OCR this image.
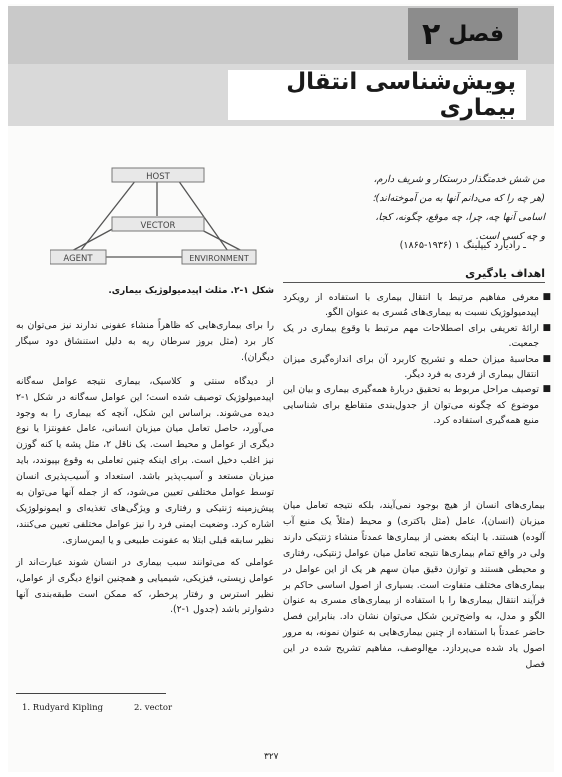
فصل
۲
پویش‌شناسی انتقال بیماری
HOST
VECTOR
AGENT	ENVIRONMENT
شکل ۱-۲. مثلث اپیدمیولوژیک بیماری.
من شش خدمتگذار درستکار و شریف دارم،
(هر چه را که می‌دانم آنها به من آموخته‌اند)؛
اسامی آنها چه، چرا، چه موقع، چگونه، کجا،
و چه کسی است.
ـ رادیارد کیپلینگ ۱ (۱۹۳۶-۱۸۶۵)
اهداف یادگیری
■
معرفی مفاهیم مرتبط با انتقال بیماری با استفاده از رویکرد اپیدمیولوژیک نسبت به بیماری‌های مُسری به عنوان الگو.
■
ارائهٔ تعریفی برای اصطلاحات مهم مرتبط با وقوع بیماری در یک جمعیت.
■
محاسبهٔ میزان حمله و تشریح کاربرد آن برای اندازه‌گیری میزان انتقال بیماری از فردی به فرد دیگر.
■
توصیف مراحل مربوط به تحقیق دربارهٔ همه‌گیری بیماری و بیان این موضوع که چگونه می‌توان از جدول‌بندی متقاطع برای شناسایی منبع همه‌گیری استفاده کرد.

را برای بیماری‌هایی که ظاهراً منشاء عفونی ندارند نیز می‌توان به کار برد (مثل بروز سرطان ریه به دلیل استنشاق دود سیگار دیگران).

از دیدگاه سنتی و کلاسیک، بیماری نتیجه عوامل سه‌گانه اپیدمیولوژیک توصیف شده است؛ این عوامل سه‌گانه در شکل ۱-۲ دیده می‌شوند. براساس این شکل، آنچه که بیماری را به وجود می‌آورد، حاصل تعامل میان میزبان انسانی، عامل عفونتزا یا نوع دیگری از عوامل و محیط است. یک ناقل ۲، مثل پشه یا کنه گوزن نیز اغلب دخیل است. برای اینکه چنین تعاملی به وقوع بپیوندد، باید میزبان مستعد و آسیب‌پذیر باشد. استعداد و آسیب‌پذیری انسان توسط عوامل مختلفی تعیین می‌شود، که از جمله آنها می‌توان به پیش‌زمینه ژنتیکی و رفتاری و ویژگی‌های تغذیه‌ای و ایمونولوژیک اشاره کرد. وضعیت ایمنی فرد را نیز عوامل مختلفی تعیین می‌کنند، نظیر سابقه قبلی ابتلا به عفونت طبیعی و یا ایمن‌سازی.

عواملی که می‌توانند سبب بیماری در انسان شوند عبارت‌اند از عوامل زیستی، فیزیکی، شیمیایی و همچنین انواع دیگری از عوامل، نظیر استرس و رفتار پرخطر، که ممکن است طبقه‌بندی آنها دشوارتر باشد (جدول ۱-۲).

بیماری‌های انسان از هیچ بوجود نمی‌آیند، بلکه نتیجه تعامل میان میزبان (انسان)، عامل (مثل باکتری) و محیط (مثلاً یک منبع آب آلوده) هستند. با اینکه بعضی از بیماری‌ها عمدتاً منشاء ژنتیکی دارند ولی در واقع تمام بیماری‌ها نتیجه تعامل میان عوامل ژنتیکی، رفتاری و محیطی هستند و توازن دقیق میان سهم هر یک از این عوامل در بیماری‌های مختلف متفاوت است. بسیاری از اصول اساسی حاکم بر فرآیند انتقال بیماری‌ها را با استفاده از بیماری‌های مسری به عنوان الگو و مدل، به واضح‌ترین شکل می‌توان نشان داد. بنابراین فصل حاضر عمدتاً با استفاده از چنین بیماری‌هایی به عنوان نمونه، به مرور اصول یاد شده می‌پردازد. مع‌الوصف، مفاهیم تشریح شده در این فصل

1. Rudyard Kipling	2. vector
۳۲۷
